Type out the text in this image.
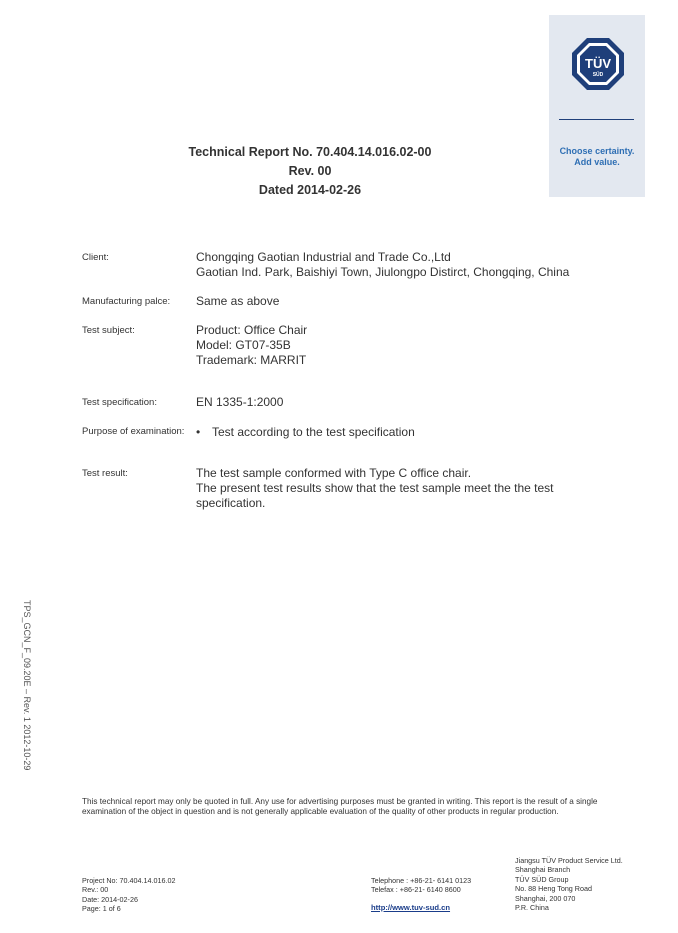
TÜV
SÜD
Choose certainty.
Add value.
Technical Report No. 70.404.14.016.02-00
Rev. 00
Dated 2014-02-26
Client:	Chongqing Gaotian Industrial and Trade Co.,Ltd
Gaotian Ind. Park, Baishiyi Town, Jiulongpo Distirct, Chongqing, China
Manufacturing palce: Same as above
Test subject:	Product: Office Chair
Model: GT07-35B
Trademark: MARRIT
Test specification:	EN 1335-1:2000
Purpose of examination: • Test according to the test specification
Test result:	The test sample conformed with Type C office chair.
The present test results show that the test sample meet the the test
specification.
TPS_GCN_F_09.20E – Rev. 1 2012-10-29
This technical report may only be quoted in full. Any use for advertising purposes must be granted in writing. This report is the result of a single examination of the object in question and is not generally applicable evaluation of the quality of other products in regular production.
Project No: 70.404.14.016.02
Rev.: 00
Date: 2014-02-26
Page: 1 of 6
Telephone : +86-21- 6141 0123
Telefax : +86-21- 6140 8600
http://www.tuv-sud.cn
Jiangsu TÜV Product Service Ltd.
Shanghai Branch
TÜV SÜD Group
No. 88 Heng Tong Road
Shanghai, 200 070
P.R. China
